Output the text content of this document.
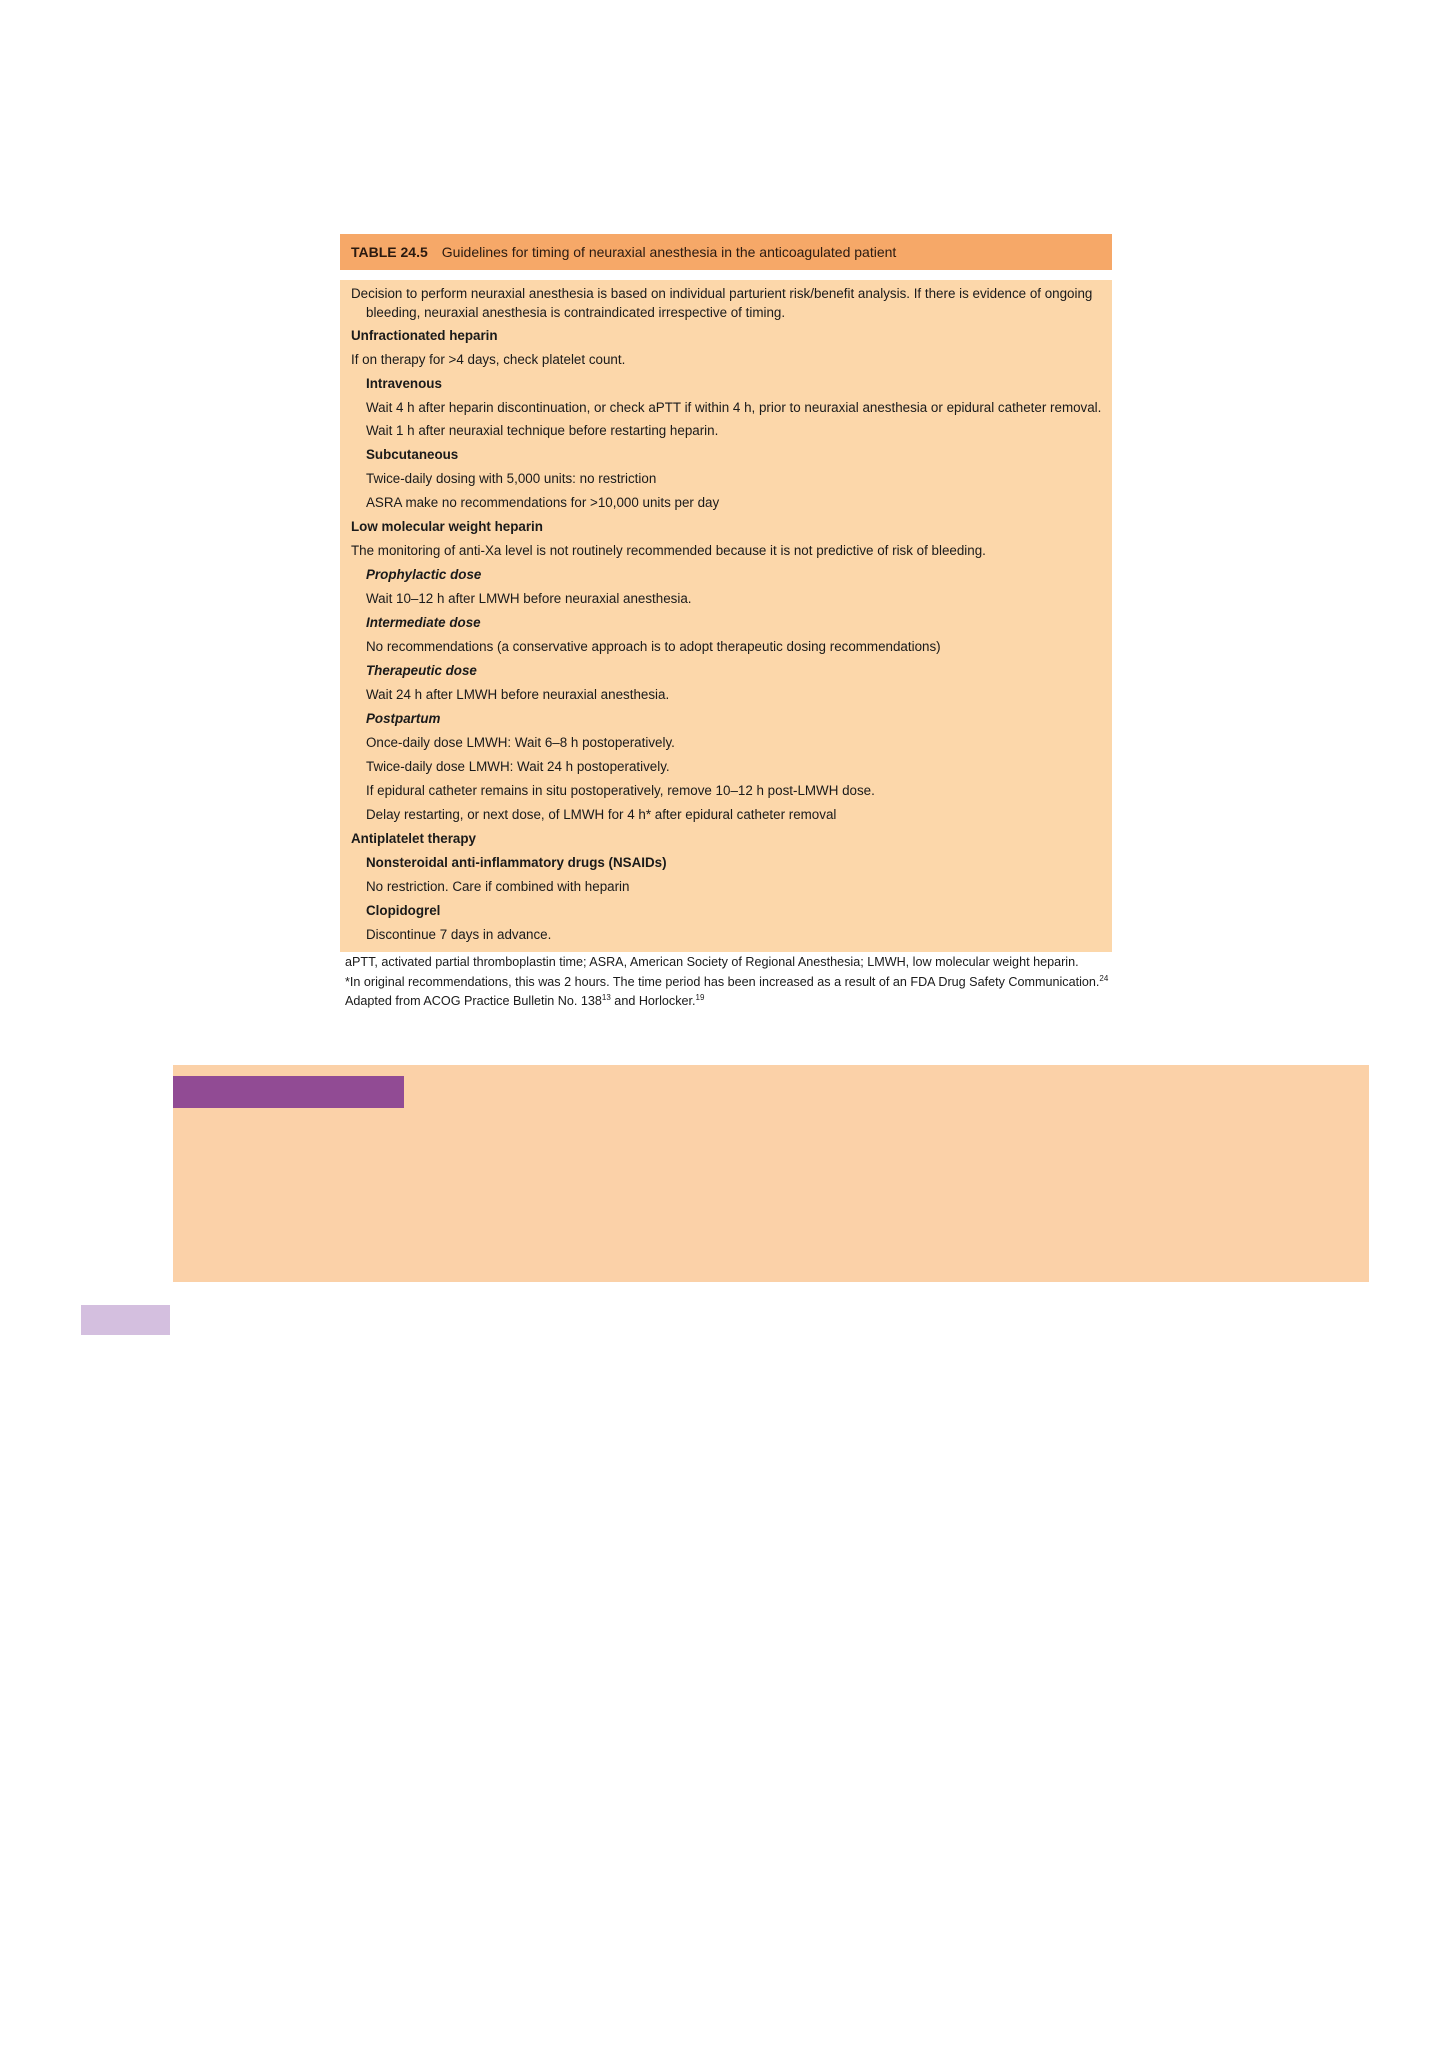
TABLE 24.5 Guidelines for timing of neuraxial anesthesia in the anticoagulated patient
Decision to perform neuraxial anesthesia is based on individual parturient risk/benefit analysis. If there is evidence of ongoing bleeding, neuraxial anesthesia is contraindicated irrespective of timing.
Unfractionated heparin
If on therapy for >4 days, check platelet count.
Intravenous
Wait 4 h after heparin discontinuation, or check aPTT if within 4 h, prior to neuraxial anesthesia or epidural catheter removal.
Wait 1 h after neuraxial technique before restarting heparin.
Subcutaneous
Twice-daily dosing with 5,000 units: no restriction
ASRA make no recommendations for >10,000 units per day
Low molecular weight heparin
The monitoring of anti-Xa level is not routinely recommended because it is not predictive of risk of bleeding.
Prophylactic dose
Wait 10–12 h after LMWH before neuraxial anesthesia.
Intermediate dose
No recommendations (a conservative approach is to adopt therapeutic dosing recommendations)
Therapeutic dose
Wait 24 h after LMWH before neuraxial anesthesia.
Postpartum
Once-daily dose LMWH: Wait 6–8 h postoperatively.
Twice-daily dose LMWH: Wait 24 h postoperatively.
If epidural catheter remains in situ postoperatively, remove 10–12 h post-LMWH dose.
Delay restarting, or next dose, of LMWH for 4 h* after epidural catheter removal
Antiplatelet therapy
Nonsteroidal anti-inflammatory drugs (NSAIDs)
No restriction. Care if combined with heparin
Clopidogrel
Discontinue 7 days in advance.

aPTT, activated partial thromboplastin time; ASRA, American Society of Regional Anesthesia; LMWH, low molecular weight heparin.

*In original recommendations, this was 2 hours. The time period has been increased as a result of an FDA Drug Safety Communication.$^{24}$

Adapted from ACOG Practice Bulletin No. $138^{13}$ and Horlocker.$^{19}$
